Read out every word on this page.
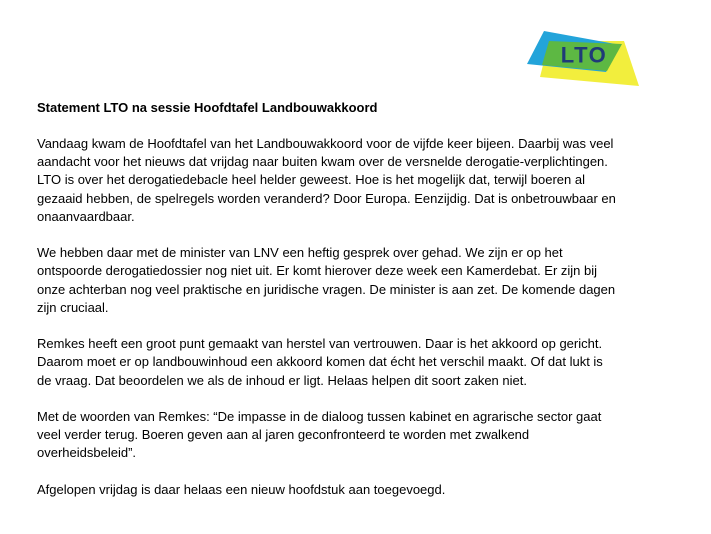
LTO
Statement LTO na sessie Hoofdtafel Landbouwakkoord
Vandaag kwam de Hoofdtafel van het Landbouwakkoord voor de vijfde keer bijeen. Daarbij was veel
aandacht voor het nieuws dat vrijdag naar buiten kwam over de versnelde derogatie-verplichtingen.
LTO is over het derogatiedebacle heel helder geweest. Hoe is het mogelijk dat, terwijl boeren al
gezaaid hebben, de spelregels worden veranderd? Door Europa. Eenzijdig. Dat is onbetrouwbaar en
onaanvaardbaar.
We hebben daar met de minister van LNV een heftig gesprek over gehad. We zijn er op het
ontspoorde derogatiedossier nog niet uit. Er komt hierover deze week een Kamerdebat. Er zijn bij
onze achterban nog veel praktische en juridische vragen. De minister is aan zet. De komende dagen
zijn cruciaal.
Remkes heeft een groot punt gemaakt van herstel van vertrouwen. Daar is het akkoord op gericht.
Daarom moet er op landbouwinhoud een akkoord komen dat écht het verschil maakt. Of dat lukt is
de vraag. Dat beoordelen we als de inhoud er ligt. Helaas helpen dit soort zaken niet.
Met de woorden van Remkes: “De impasse in de dialoog tussen kabinet en agrarische sector gaat
veel verder terug. Boeren geven aan al jaren geconfronteerd te worden met zwalkend
overheidsbeleid”.
Afgelopen vrijdag is daar helaas een nieuw hoofdstuk aan toegevoegd.
